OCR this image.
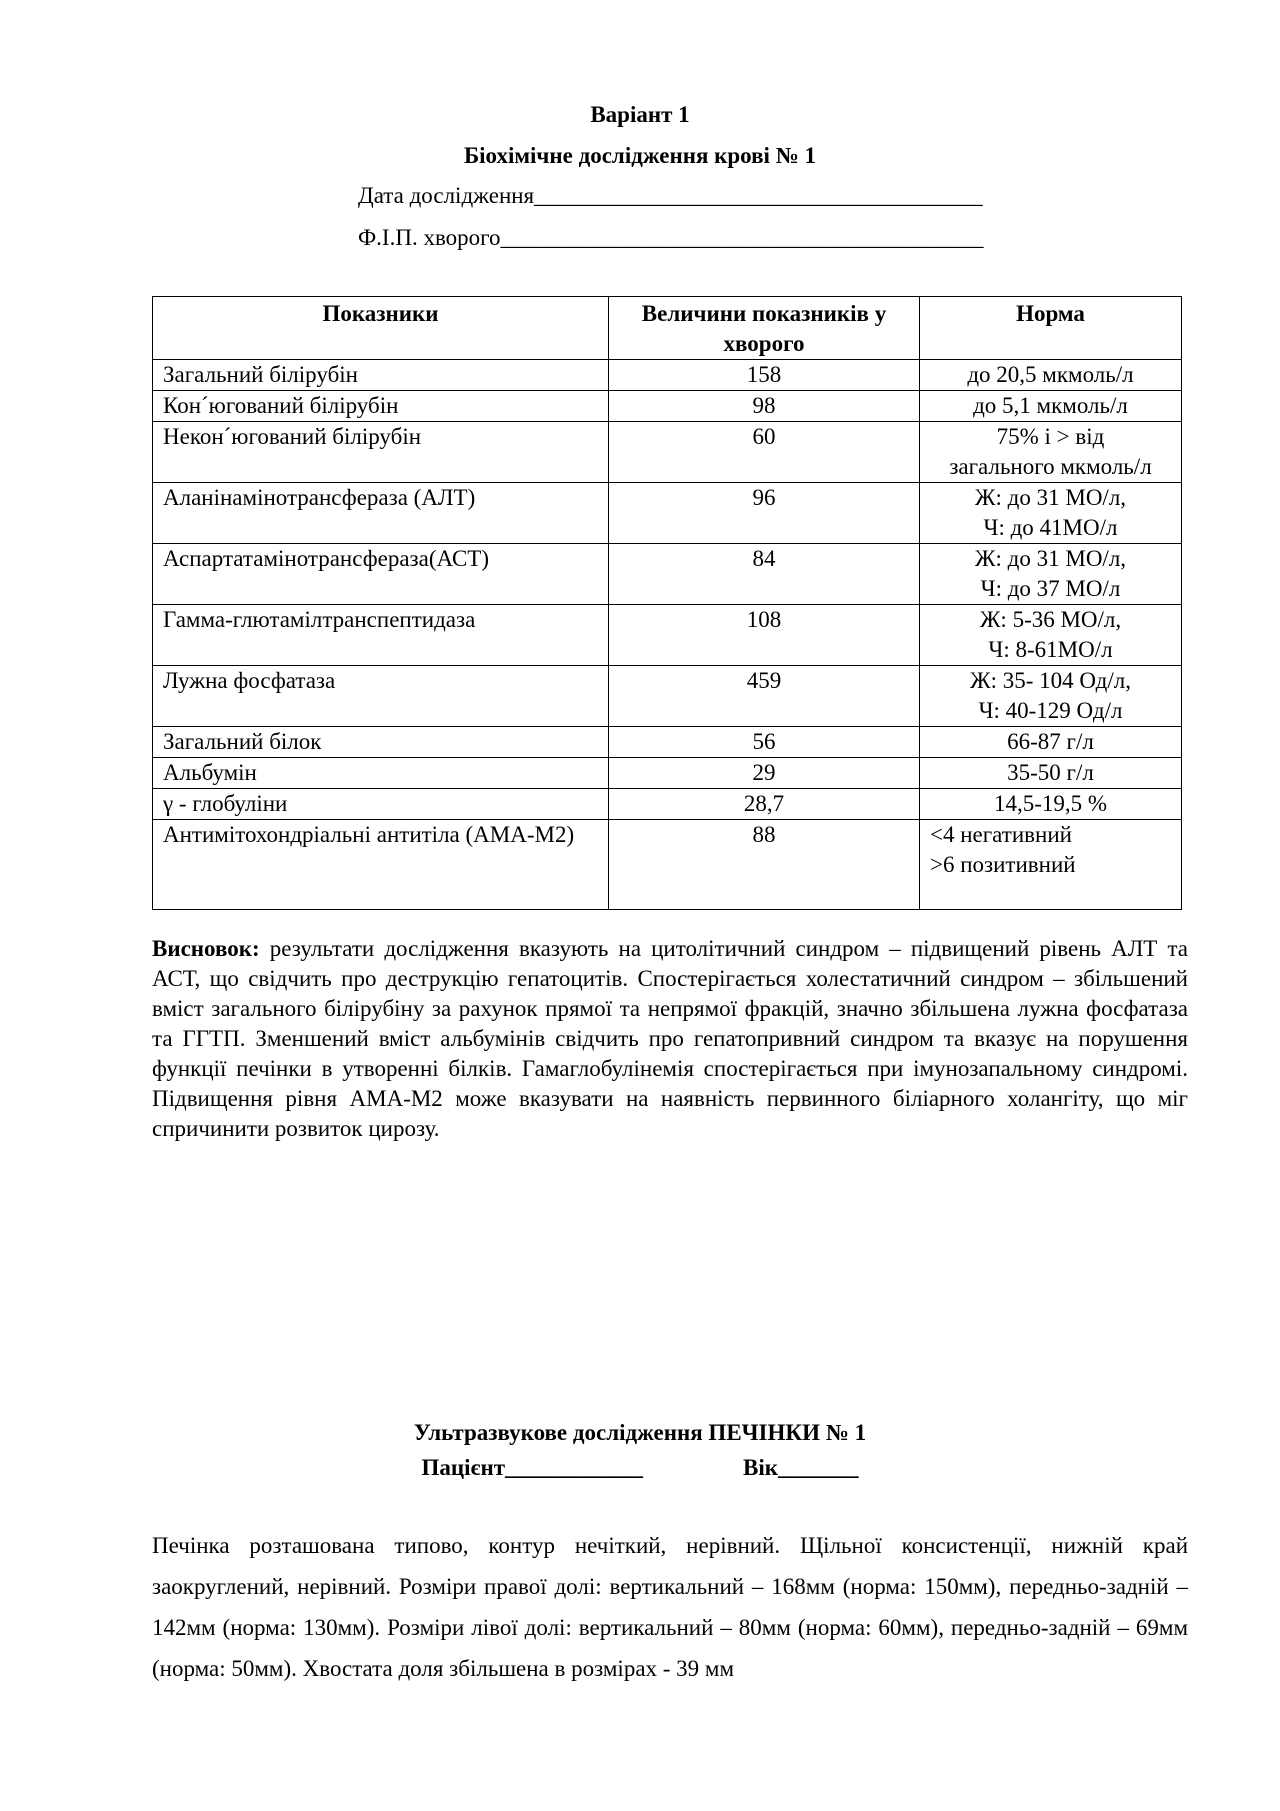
Варіант 1
Біохімічне дослідження крові № 1
Дата дослідження_______________________________________
Ф.І.П. хворого__________________________________________
Показники	Величини показників у хворого	Норма
Загальний білірубін	158	до 20,5 мкмоль/л

Кон´югований білірубін	98	до 5,1 мкмоль/л

Некон´югований білірубін	60	75% і > від
загального мкмоль/л

Аланінамінотрансфераза (АЛТ)	96	Ж: до 31 МО/л,
Ч: до 41МО/л

Аспартатамінотрансфераза(АСТ)	84	Ж: до 31 МО/л,
Ч: до 37 МО/л

Гамма-глютамілтранспептидаза	108	Ж: 5-36 МО/л,
Ч: 8-61МО/л

Лужна фосфатаза	459	Ж: 35- 104 Од/л,
Ч: 40-129 Од/л

Загальний білок	56	66-87 г/л

Альбумін	29	35-50 г/л

γ - глобуліни	28,7	14,5-19,5 %

Антимітохондріальні антитіла (АМА-М2)	88	<4 негативний
>6 позитивний
Висновок: результати дослідження вказують на цитолітичний синдром – підвищений рівень АЛТ та АСТ, що свідчить про деструкцію гепатоцитів. Спостерігається холестатичний синдром – збільшений вміст загального білірубіну за рахунок прямої та непрямої фракцій, значно збільшена лужна фосфатаза та ГГТП. Зменшений вміст альбумінів свідчить про гепатопривний синдром та вказує на порушення функції печінки в утворенні білків. Гамаглобулінемія спостерігається при імунозапальному синдромі. Підвищення рівня АМА-М2 може вказувати на наявність первинного біліарного холангіту, що міг спричинити розвиток цирозу.
Ультразвукове дослідження ПЕЧІНКИ № 1
Пацієнт____________	Вік_______
Печінка розташована типово, контур нечіткий, нерівний. Щільної консистенції, нижній край заокруглений, нерівний. Розміри правої долі: вертикальний – 168мм (норма: 150мм), передньо-задній – 142мм (норма: 130мм). Розміри лівої долі: вертикальний – 80мм (норма: 60мм), передньо-задній – 69мм (норма: 50мм). Хвостата доля збільшена в розмірах - 39 мм
